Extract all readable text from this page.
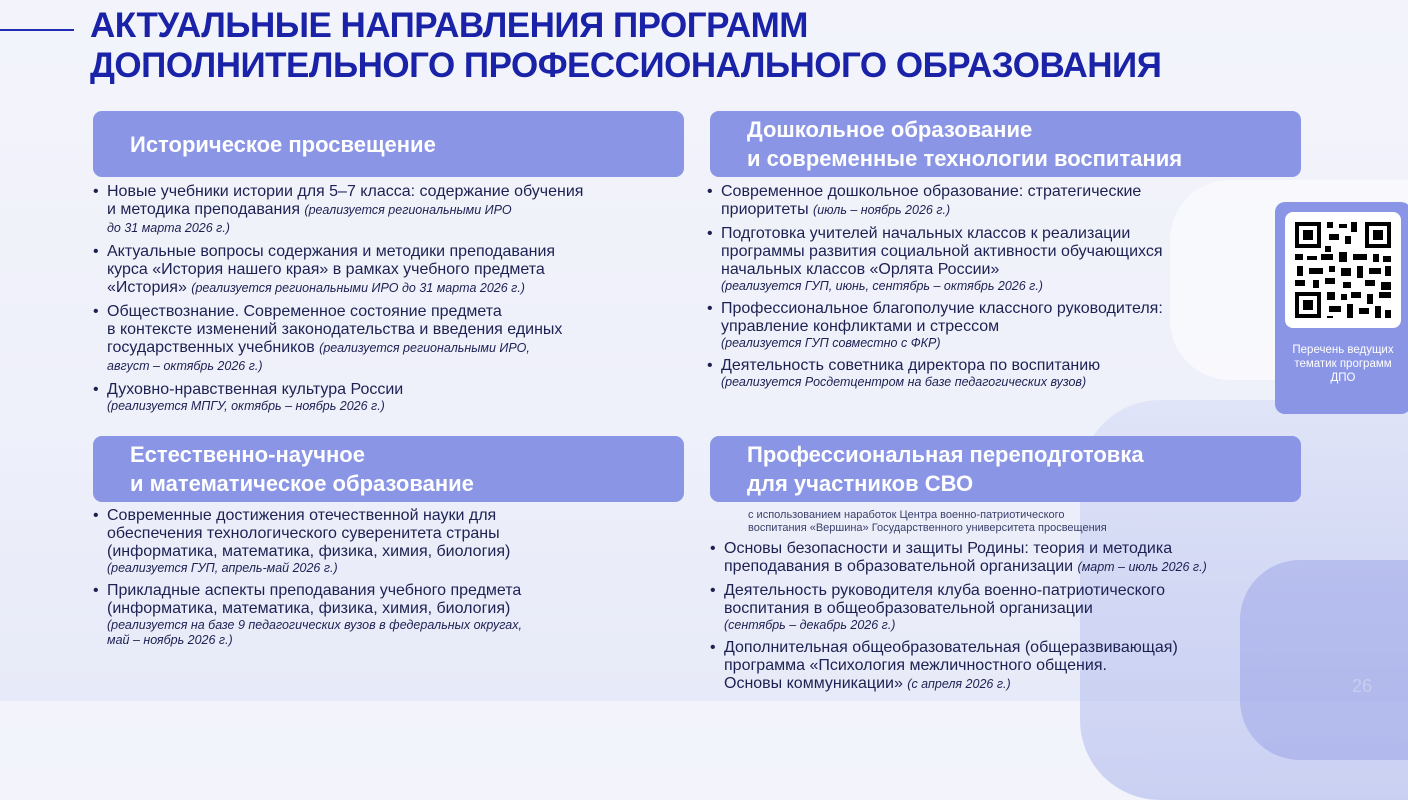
АКТУАЛЬНЫЕ НАПРАВЛЕНИЯ ПРОГРАММ
ДОПОЛНИТЕЛЬНОГО ПРОФЕССИОНАЛЬНОГО ОБРАЗОВАНИЯ
Историческое просвещение
• Новые учебники истории для 5‒7 класса: содержание обучения
и методика преподавания (реализуется региональными ИРО
до 31 марта 2026 г.)
• Актуальные вопросы содержания и методики преподавания
курса «История нашего края» в рамках учебного предмета
«История» (реализуется региональными ИРО до 31 марта 2026 г.)
• Обществознание. Современное состояние предмета
в контексте изменений законодательства и введения единых
государственных учебников (реализуется региональными ИРО,
август – октябрь 2026 г.)
• Духовно-нравственная культура России
(реализуется МПГУ, октябрь – ноябрь 2026 г.)
Дошкольное образование
и современные технологии воспитания
• Современное дошкольное образование: стратегические
приоритеты (июль – ноябрь 2026 г.)
• Подготовка учителей начальных классов к реализации
программы развития социальной активности обучающихся
начальных классов «Орлята России»
(реализуется ГУП, июнь, сентябрь – октябрь 2026 г.)
• Профессиональное благополучие классного руководителя:
управление конфликтами и стрессом
(реализуется ГУП совместно с ФКР)
• Деятельность советника директора по воспитанию
(реализуется Росдетцентром на базе педагогических вузов)
Перечень ведущих
тематик программ
ДПО
Естественно-научное
и математическое образование
• Современные достижения отечественной науки для
обеспечения технологического суверенитета страны
(информатика, математика, физика, химия, биология)
(реализуется ГУП, апрель-май 2026 г.)
• Прикладные аспекты преподавания учебного предмета
(информатика, математика, физика, химия, биология)
(реализуется на базе 9 педагогических вузов в федеральных округах,
май – ноябрь 2026 г.)
Профессиональная переподготовка
для участников СВО
с использованием наработок Центра военно-патриотического
воспитания «Вершина» Государственного университета просвещения
• Основы безопасности и защиты Родины: теория и методика
преподавания в образовательной организации (март – июль 2026 г.)
• Деятельность руководителя клуба военно-патриотического
воспитания в общеобразовательной организации
(сентябрь – декабрь 2026 г.)
• Дополнительная общеобразовательная (общеразвивающая)
программа «Психология межличностного общения.
Основы коммуникации» (с апреля 2026 г.)	26
